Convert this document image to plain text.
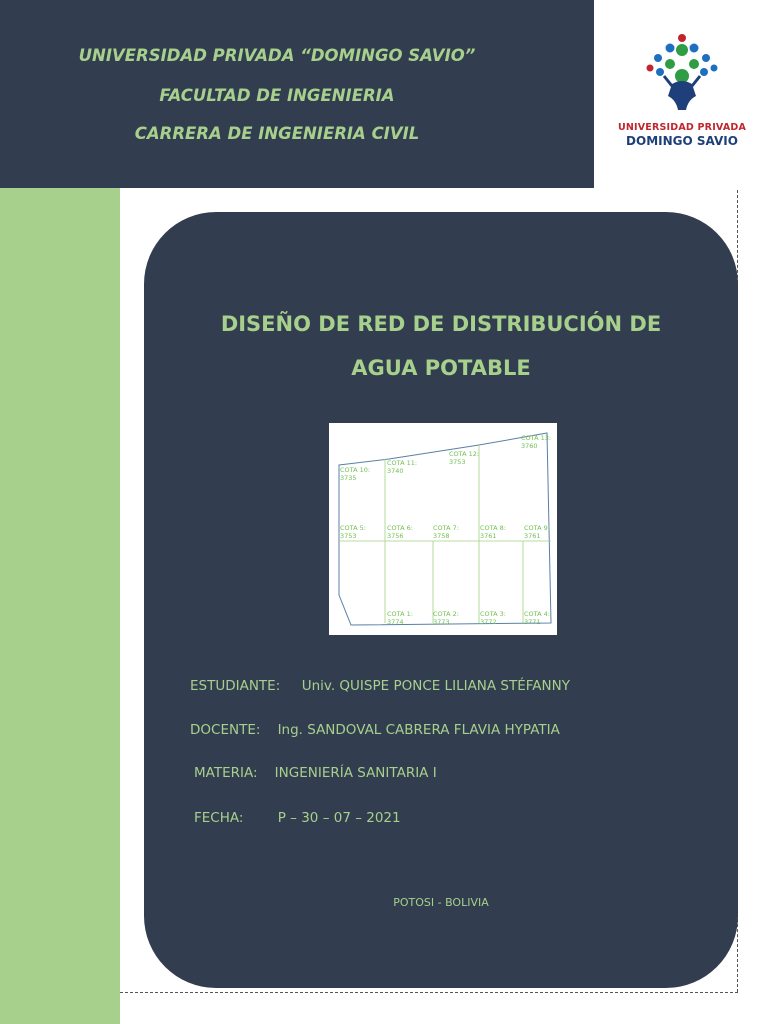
UNIVERSIDAD PRIVADA “DOMINGO SAVIO”
FACULTAD DE INGENIERIA
CARRERA DE INGENIERIA CIVIL	UNIVERSIDAD PRIVADA
DOMINGO SAVIO
DISEÑO DE RED DE DISTRIBUCIÓN DE
AGUA POTABLE
COTA 13:
3760
COTA 12:
3753
COTA 11:
3740
COTA 10:
3735
COTA 5:
3753
COTA 6:
3756
COTA 7:
3758
COTA 8:
3761
COTA 9:
3761
COTA 1:
3774
COTA 2:
3773
COTA 3:
3772
COTA 4:
3771
ESTUDIANTE:     Univ. QUISPE PONCE LILIANA STÉFANNY
DOCENTE:    Ing. SANDOVAL CABRERA FLAVIA HYPATIA
MATERIA:    INGENIERÍA SANITARIA I
FECHA:        P – 30 – 07 – 2021
POTOSI - BOLIVIA
